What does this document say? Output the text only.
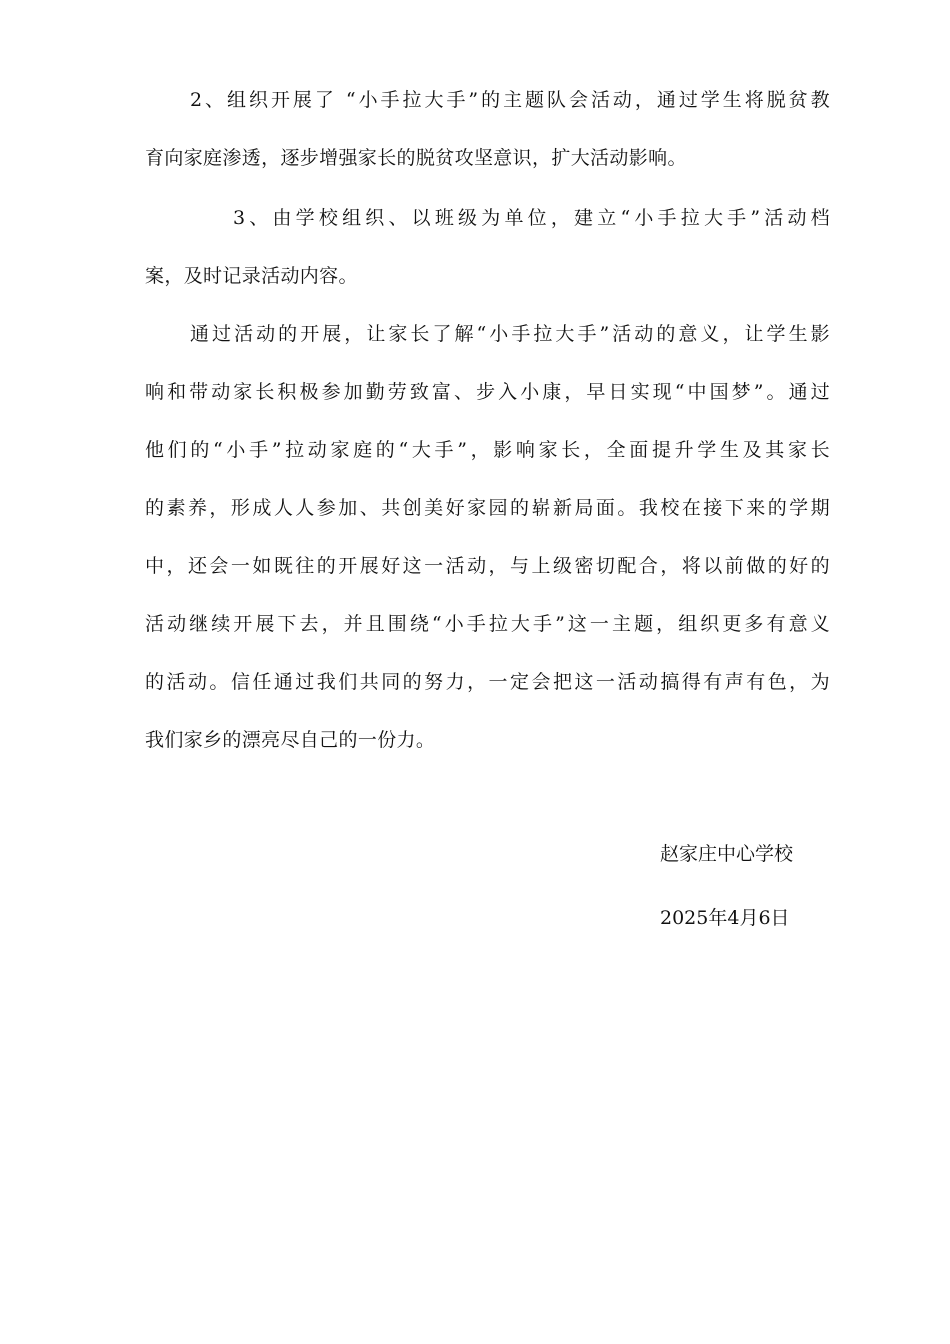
2、组织开展了 “小手拉大手”的主题队会活动，通过学生将脱贫教
育向家庭渗透，逐步增强家长的脱贫攻坚意识，扩大活动影响。
3、由学校组织、以班级为单位，建立“小手拉大手”活动档
案，及时记录活动内容。
通过活动的开展，让家长了解“小手拉大手”活动的意义，让学生影
响和带动家长积极参加勤劳致富、步入小康，早日实现“中国梦”。通过
他们的“小手”拉动家庭的“大手”，影响家长，全面提升学生及其家长
的素养，形成人人参加、共创美好家园的崭新局面。我校在接下来的学期
中，还会一如既往的开展好这一活动，与上级密切配合，将以前做的好的
活动继续开展下去，并且围绕“小手拉大手”这一主题，组织更多有意义
的活动。信任通过我们共同的努力，一定会把这一活动搞得有声有色，为
我们家乡的漂亮尽自己的一份力。
赵家庄中心学校
2025年4月6日
